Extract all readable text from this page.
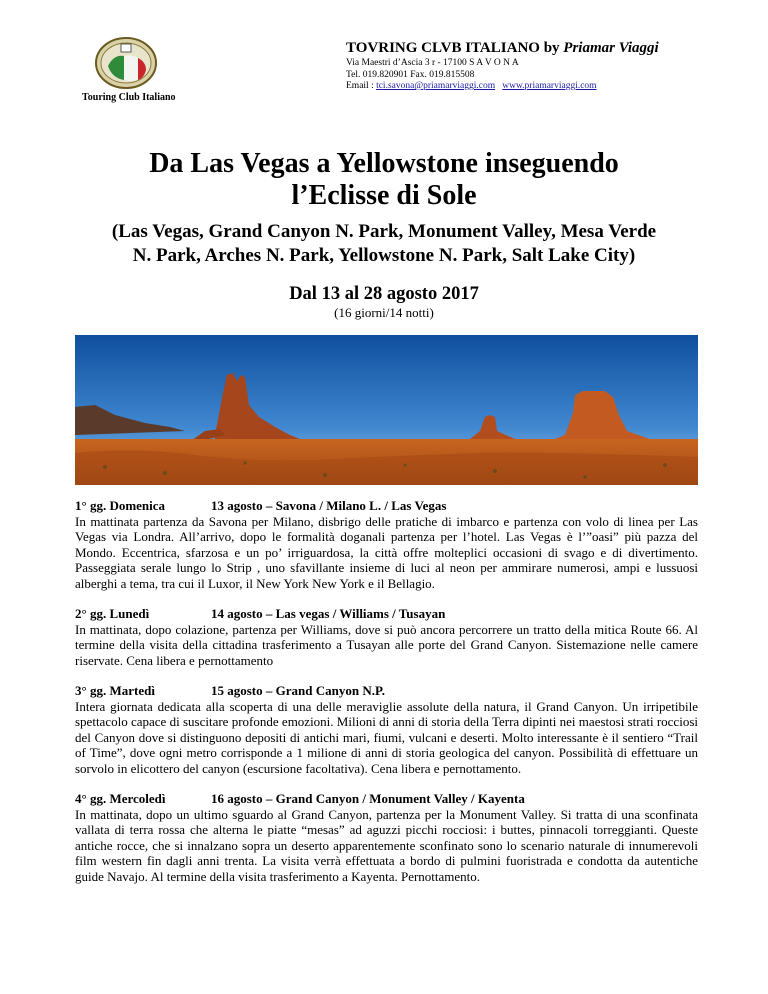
Touring Club Italiano
TOVRING CLVB ITALIANO by Priamar Viaggi
Via Maestri d’Ascia 3 r - 17100 S A V O N A
Tel. 019.820901 Fax. 019.815508
Email : tci.savona@priamarviaggi.com www.priamarviaggi.com
Da Las Vegas a Yellowstone inseguendo
l’Eclisse di Sole
(Las Vegas, Grand Canyon N. Park, Monument Valley, Mesa Verde
N. Park, Arches N. Park, Yellowstone N. Park, Salt Lake City)
Dal 13 al 28 agosto 2017
(16 giorni/14 notti)
1° gg. Domenica	13 agosto – Savona / Milano L. / Las Vegas
In mattinata partenza da Savona per Milano, disbrigo delle pratiche di imbarco e partenza con volo di linea per Las Vegas via Londra. All’arrivo, dopo le formalità doganali partenza per l’hotel. Las Vegas è l’”oasi” più pazza del Mondo. Eccentrica, sfarzosa e un po’ irriguardosa, la città offre molteplici occasioni di svago e di divertimento. Passeggiata serale lungo lo Strip , uno sfavillante insieme di luci al neon per ammirare numerosi, ampi e lussuosi alberghi a tema, tra cui il Luxor, il New York New York e il Bellagio.
2° gg. Lunedì	14 agosto – Las vegas / Williams / Tusayan
In mattinata, dopo colazione, partenza per Williams, dove si può ancora percorrere un tratto della mitica Route 66. Al termine della visita della cittadina trasferimento a Tusayan alle porte del Grand Canyon. Sistemazione nelle camere riservate. Cena libera e pernottamento
3° gg. Martedì	15 agosto – Grand Canyon N.P.
Intera giornata dedicata alla scoperta di una delle meraviglie assolute della natura, il Grand Canyon. Un irripetibile spettacolo capace di suscitare profonde emozioni. Milioni di anni di storia della Terra dipinti nei maestosi strati rocciosi del Canyon dove si distinguono depositi di antichi mari, fiumi, vulcani e deserti. Molto interessante è il sentiero “Trail of Time”, dove ogni metro corrisponde a 1 milione di anni di storia geologica del canyon. Possibilità di effettuare un sorvolo in elicottero del canyon (escursione facoltativa). Cena libera e pernottamento.
4° gg. Mercoledì	16 agosto – Grand Canyon / Monument Valley / Kayenta
In mattinata, dopo un ultimo sguardo al Grand Canyon, partenza per la Monument Valley. Si tratta di una sconfinata vallata di terra rossa che alterna le piatte “mesas” ad aguzzi picchi rocciosi: i buttes, pinnacoli torreggianti. Queste antiche rocce, che si innalzano sopra un deserto apparentemente sconfinato sono lo scenario naturale di innumerevoli film western fin dagli anni trenta. La visita verrà effettuata a bordo di pulmini fuoristrada e condotta da autentiche guide Navajo. Al termine della visita trasferimento a Kayenta. Pernottamento.
